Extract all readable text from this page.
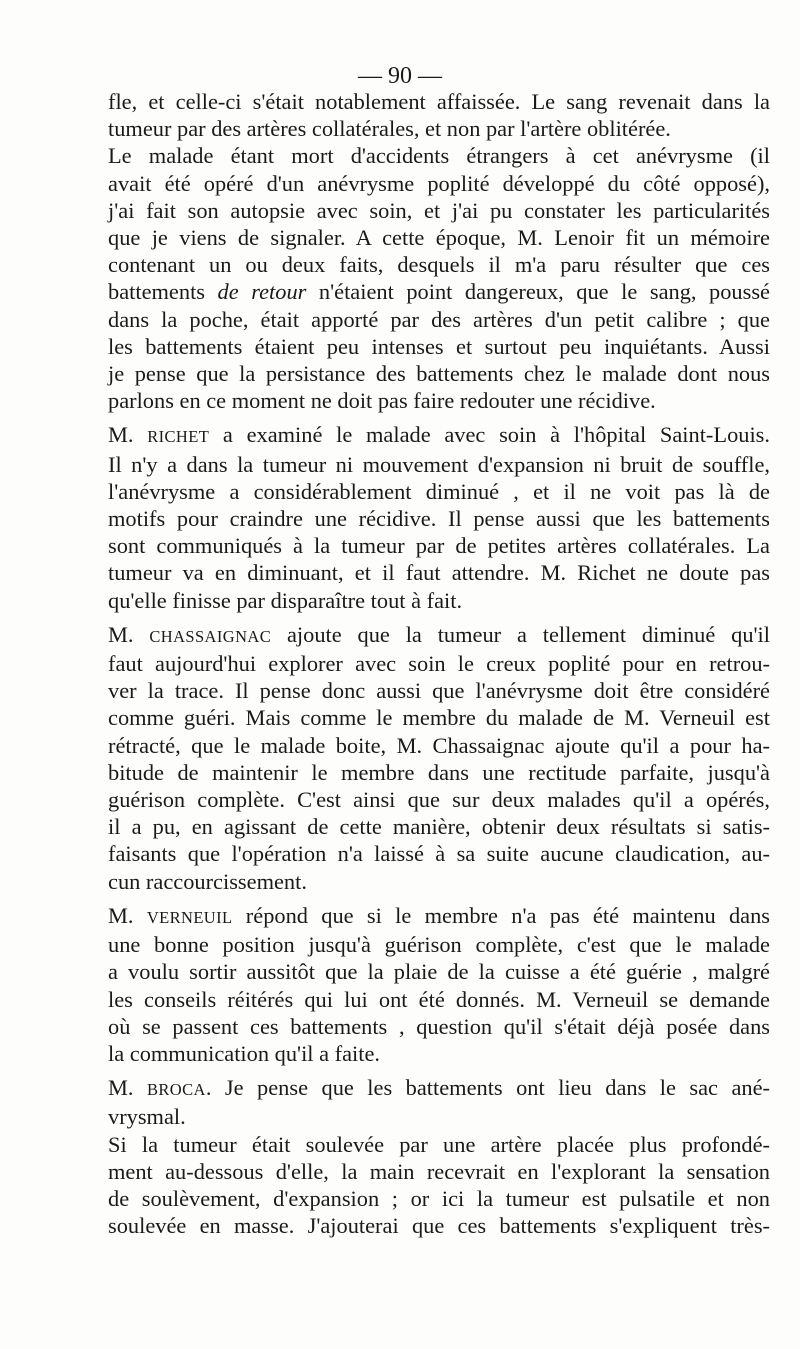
— 90 —
fle, et celle-ci s'était notablement affaissée. Le sang revenait dans la
tumeur par des artères collatérales, et non par l'artère oblitérée.
Le malade étant mort d'accidents étrangers à cet anévrysme (il
avait été opéré d'un anévrysme poplité développé du côté opposé),
j'ai fait son autopsie avec soin, et j'ai pu constater les particularités
que je viens de signaler. A cette époque, M. Lenoir fit un mémoire
contenant un ou deux faits, desquels il m'a paru résulter que ces
battements de retour n'étaient point dangereux, que le sang, poussé
dans la poche, était apporté par des artères d'un petit calibre ; que
les battements étaient peu intenses et surtout peu inquiétants. Aussi
je pense que la persistance des battements chez le malade dont nous
parlons en ce moment ne doit pas faire redouter une récidive.
M. RICHET a examiné le malade avec soin à l'hôpital Saint-Louis.
Il n'y a dans la tumeur ni mouvement d'expansion ni bruit de souffle,
l'anévrysme a considérablement diminué , et il ne voit pas là de
motifs pour craindre une récidive. Il pense aussi que les battements
sont communiqués à la tumeur par de petites artères collatérales. La
tumeur va en diminuant, et il faut attendre. M. Richet ne doute pas
qu'elle finisse par disparaître tout à fait.
M. CHASSAIGNAC ajoute que la tumeur a tellement diminué qu'il
faut aujourd'hui explorer avec soin le creux poplité pour en retrou-
ver la trace. Il pense donc aussi que l'anévrysme doit être considéré
comme guéri. Mais comme le membre du malade de M. Verneuil est
rétracté, que le malade boite, M. Chassaignac ajoute qu'il a pour ha-
bitude de maintenir le membre dans une rectitude parfaite, jusqu'à
guérison complète. C'est ainsi que sur deux malades qu'il a opérés,
il a pu, en agissant de cette manière, obtenir deux résultats si satis-
faisants que l'opération n'a laissé à sa suite aucune claudication, au-
cun raccourcissement.
M. VERNEUIL répond que si le membre n'a pas été maintenu dans
une bonne position jusqu'à guérison complète, c'est que le malade
a voulu sortir aussitôt que la plaie de la cuisse a été guérie , malgré
les conseils réitérés qui lui ont été donnés. M. Verneuil se demande
où se passent ces battements , question qu'il s'était déjà posée dans
la communication qu'il a faite.
M. BROCA. Je pense que les battements ont lieu dans le sac ané-
vrysmal.
Si la tumeur était soulevée par une artère placée plus profondé-
ment au-dessous d'elle, la main recevrait en l'explorant la sensation
de soulèvement, d'expansion ; or ici la tumeur est pulsatile et non
soulevée en masse. J'ajouterai que ces battements s'expliquent très-
